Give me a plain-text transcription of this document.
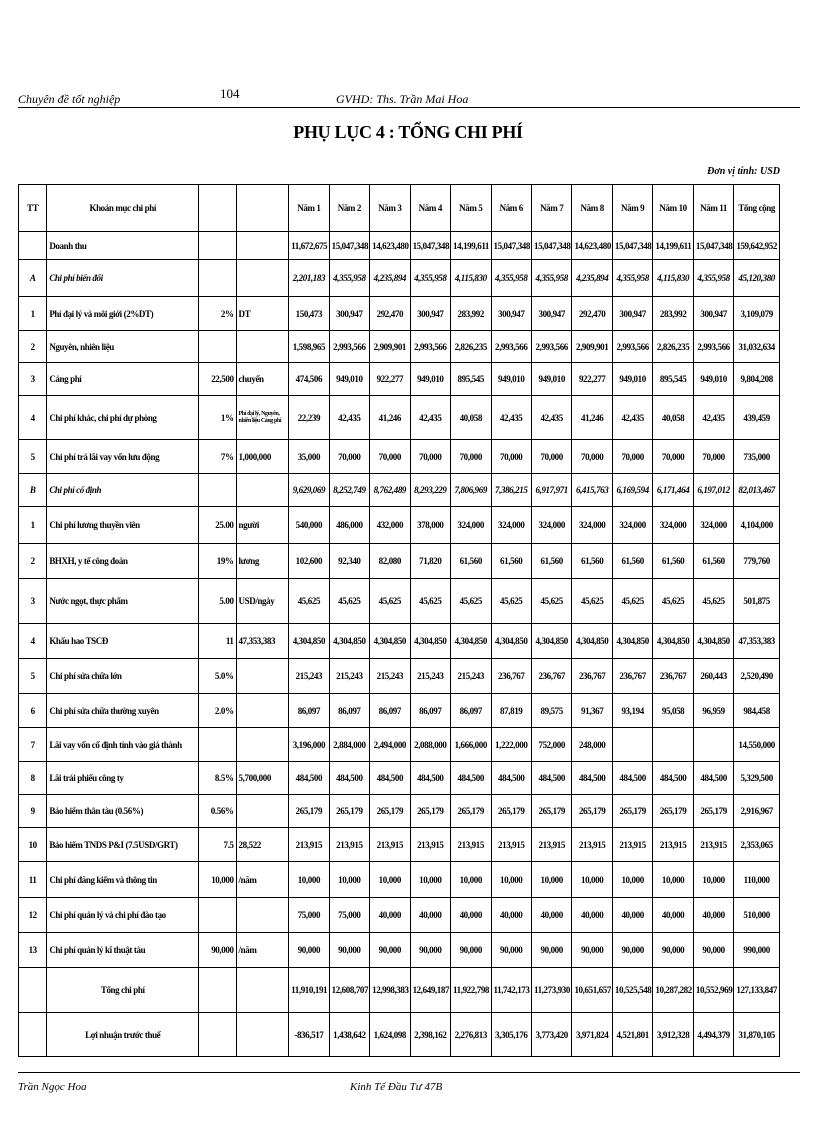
Chuyên đề tốt nghiệp	104	GVHD: Ths. Trần Mai Hoa
PHỤ LỤC 4 : TỔNG CHI PHÍ
Đơn vị tính: USD
TT	Khoản mục chi phí			Năm 1	Năm 2	Năm 3	Năm 4	Năm 5	Năm 6	Năm 7	Năm 8	Năm 9	Năm 10	Năm 11	Tổng cộng
	Doanh thu			11,672,675	15,047,348	14,623,480	15,047,348	14,199,611	15,047,348	15,047,348	14,623,480	15,047,348	14,199,611	15,047,348	159,642,952
A	Chi phí biến đổi			2,201,183	4,355,958	4,235,894	4,355,958	4,115,830	4,355,958	4,355,958	4,235,894	4,355,958	4,115,830	4,355,958	45,120,380
1	Phí đại lý và môi giới (2%DT)	2%	DT	150,473	300,947	292,470	300,947	283,992	300,947	300,947	292,470	300,947	283,992	300,947	3,109,079
2	Nguyên, nhiên liệu			1,598,965	2,993,566	2,909,901	2,993,566	2,826,235	2,993,566	2,993,566	2,909,901	2,993,566	2,826,235	2,993,566	31,032,634
3	Cảng phí	22,500	chuyến	474,506	949,010	922,277	949,010	895,545	949,010	949,010	922,277	949,010	895,545	949,010	9,804,208
4	Chi phí khác, chi phí dự phòng	1%	Phí đại lý, Nguyên, nhiên liệu Cảng phí	22,239	42,435	41,246	42,435	40,058	42,435	42,435	41,246	42,435	40,058	42,435	439,459
5	Chi phí trả lãi vay vốn lưu động	7%	1,000,000	35,000	70,000	70,000	70,000	70,000	70,000	70,000	70,000	70,000	70,000	70,000	735,000
B	Chi phí cố định			9,629,069	8,252,749	8,762,489	8,293,229	7,806,969	7,386,215	6,917,971	6,415,763	6,169,594	6,171,464	6,197,012	82,013,467
1	Chi phí lương thuyền viên	25.00	người	540,000	486,000	432,000	378,000	324,000	324,000	324,000	324,000	324,000	324,000	324,000	4,104,000
2	BHXH, y tế công đoàn	19%	lương	102,600	92,340	82,080	71,820	61,560	61,560	61,560	61,560	61,560	61,560	61,560	779,760
3	Nước ngọt, thực phẩm	5.00	USD/ngày	45,625	45,625	45,625	45,625	45,625	45,625	45,625	45,625	45,625	45,625	45,625	501,875
4	Khấu hao TSCĐ	11	47,353,383	4,304,850	4,304,850	4,304,850	4,304,850	4,304,850	4,304,850	4,304,850	4,304,850	4,304,850	4,304,850	4,304,850	47,353,383
5	Chi phí sửa chữa lớn	5.0%		215,243	215,243	215,243	215,243	215,243	236,767	236,767	236,767	236,767	236,767	260,443	2,520,490
6	Chi phí sửa chữa thường xuyên	2.0%		86,097	86,097	86,097	86,097	86,097	87,819	89,575	91,367	93,194	95,058	96,959	984,458
7	Lãi vay vốn cố định tính vào giá thành			3,196,000	2,884,000	2,494,000	2,088,000	1,666,000	1,222,000	752,000	248,000				14,550,000
8	Lãi trái phiếu công ty	8.5%	5,700,000	484,500	484,500	484,500	484,500	484,500	484,500	484,500	484,500	484,500	484,500	484,500	5,329,500
9	Bảo hiểm thân tàu (0.56%)	0.56%		265,179	265,179	265,179	265,179	265,179	265,179	265,179	265,179	265,179	265,179	265,179	2,916,967
10	Bảo hiểm TNDS P&I (7.5USD/GRT)	7.5	28,522	213,915	213,915	213,915	213,915	213,915	213,915	213,915	213,915	213,915	213,915	213,915	2,353,065
11	Chi phí đăng kiểm và thông tin	10,000	/năm	10,000	10,000	10,000	10,000	10,000	10,000	10,000	10,000	10,000	10,000	10,000	110,000
12	Chi phí quản lý và chi phí đào tạo			75,000	75,000	40,000	40,000	40,000	40,000	40,000	40,000	40,000	40,000	40,000	510,000
13	Chi phí quản lý kĩ thuật tàu	90,000	/năm	90,000	90,000	90,000	90,000	90,000	90,000	90,000	90,000	90,000	90,000	90,000	990,000
	Tổng chi phí			11,910,191	12,608,707	12,998,383	12,649,187	11,922,798	11,742,173	11,273,930	10,651,657	10,525,548	10,287,282	10,552,969	127,133,847
	Lợi nhuận trước thuế			-836,517	1,438,642	1,624,098	2,398,162	2,276,813	3,305,176	3,773,420	3,971,824	4,521,801	3,912,328	4,494,379	31,870,105
Trần Ngọc Hoa	Kinh Tế Đầu Tư 47B
